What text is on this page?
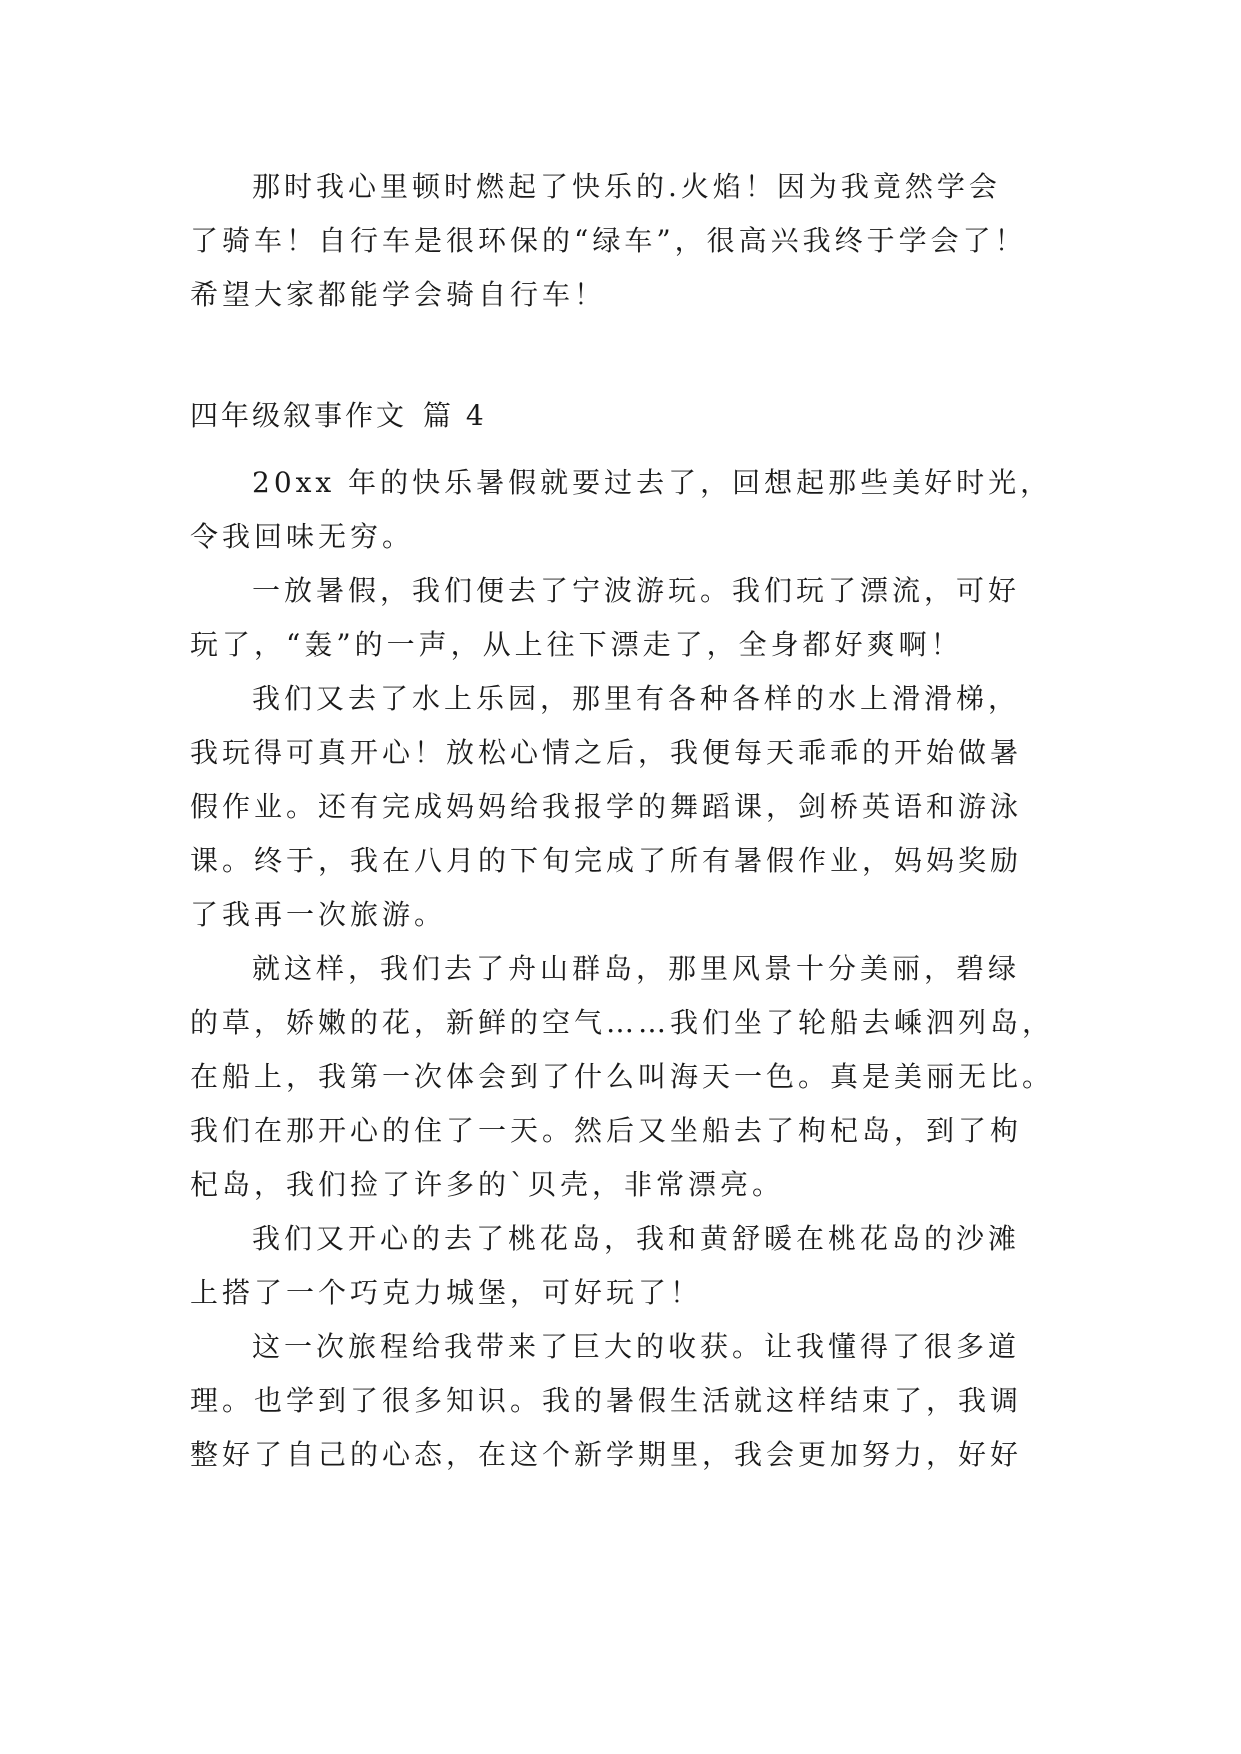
那时我心里顿时燃起了快乐的.火焰！因为我竟然学会
了骑车！自行车是很环保的“绿车”，很高兴我终于学会了！
希望大家都能学会骑自行车！
四年级叙事作文 篇 4
20xx 年的快乐暑假就要过去了，回想起那些美好时光，
令我回味无穷。
一放暑假，我们便去了宁波游玩。我们玩了漂流，可好
玩了，“轰”的一声，从上往下漂走了，全身都好爽啊！
我们又去了水上乐园，那里有各种各样的水上滑滑梯，
我玩得可真开心！放松心情之后，我便每天乖乖的开始做暑
假作业。还有完成妈妈给我报学的舞蹈课，剑桥英语和游泳
课。终于，我在八月的下旬完成了所有暑假作业，妈妈奖励
了我再一次旅游。
就这样，我们去了舟山群岛，那里风景十分美丽，碧绿
的草，娇嫩的花，新鲜的空气……我们坐了轮船去嵊泗列岛，
在船上，我第一次体会到了什么叫海天一色。真是美丽无比。
我们在那开心的住了一天。然后又坐船去了枸杞岛，到了枸
杞岛，我们捡了许多的`贝壳，非常漂亮。
我们又开心的去了桃花岛，我和黄舒暖在桃花岛的沙滩
上搭了一个巧克力城堡，可好玩了！
这一次旅程给我带来了巨大的收获。让我懂得了很多道
理。也学到了很多知识。我的暑假生活就这样结束了，我调
整好了自己的心态，在这个新学期里，我会更加努力，好好
